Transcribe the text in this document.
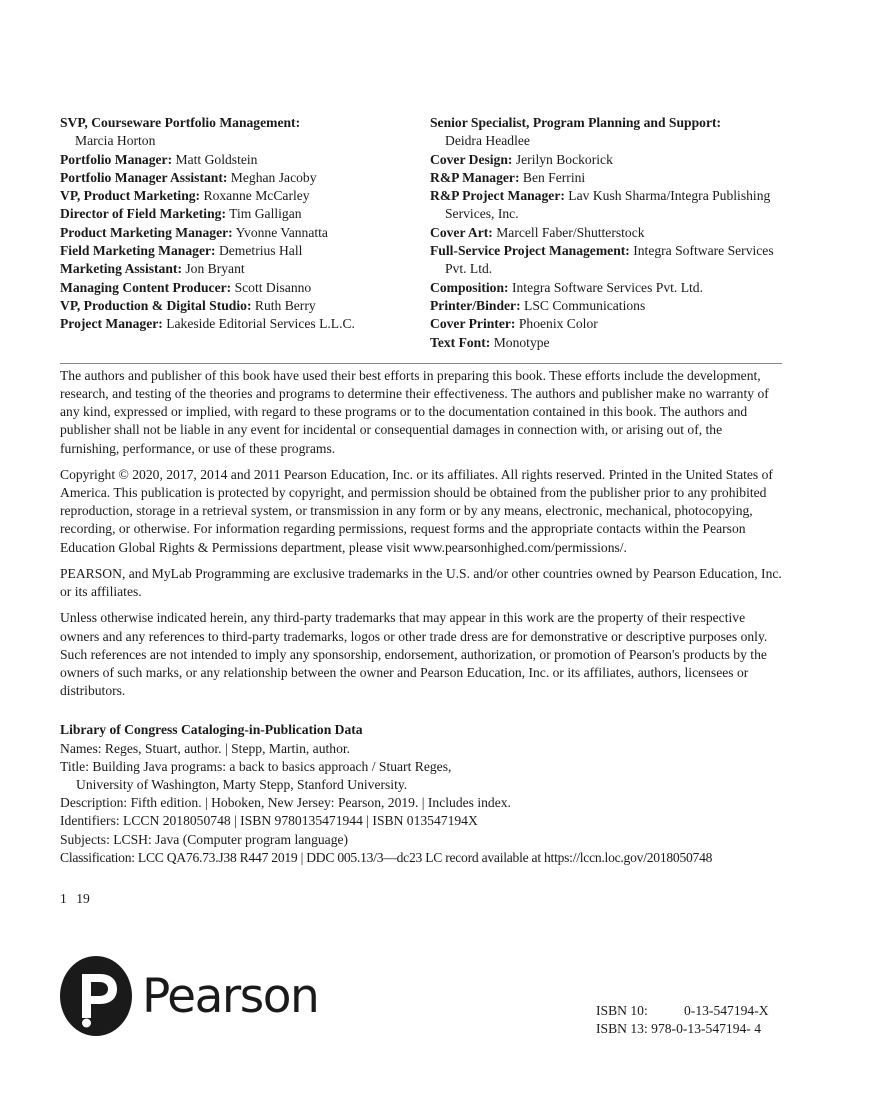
SVP, Courseware Portfolio Management:
Marcia Horton
Portfolio Manager: Matt Goldstein
Portfolio Manager Assistant: Meghan Jacoby
VP, Product Marketing: Roxanne McCarley
Director of Field Marketing: Tim Galligan
Product Marketing Manager: Yvonne Vannatta
Field Marketing Manager: Demetrius Hall
Marketing Assistant: Jon Bryant
Managing Content Producer: Scott Disanno
VP, Production & Digital Studio: Ruth Berry
Project Manager: Lakeside Editorial Services L.L.C.
Senior Specialist, Program Planning and Support:
Deidra Headlee
Cover Design: Jerilyn Bockorick
R&P Manager: Ben Ferrini
R&P Project Manager: Lav Kush Sharma/Integra Publishing Services, Inc.
Cover Art: Marcell Faber/Shutterstock
Full-Service Project Management: Integra Software Services Pvt. Ltd.
Composition: Integra Software Services Pvt. Ltd.
Printer/Binder: LSC Communications
Cover Printer: Phoenix Color
Text Font: Monotype

The authors and publisher of this book have used their best efforts in preparing this book. These efforts include the development, research, and testing of the theories and programs to determine their effectiveness. The authors and publisher make no warranty of any kind, expressed or implied, with regard to these programs or to the documentation contained in this book. The authors and publisher shall not be liable in any event for incidental or consequential damages in connection with, or arising out of, the furnishing, performance, or use of these programs.

Copyright © 2020, 2017, 2014 and 2011 Pearson Education, Inc. or its affiliates. All rights reserved. Printed in the United States of America. This publication is protected by copyright, and permission should be obtained from the publisher prior to any prohibited reproduction, storage in a retrieval system, or transmission in any form or by any means, electronic, mechanical, photocopying, recording, or otherwise. For information regarding permissions, request forms and the appropriate contacts within the Pearson Education Global Rights & Permissions department, please visit www.pearsonhighed.com/permissions/.

PEARSON, and MyLab Programming are exclusive trademarks in the U.S. and/or other countries owned by Pearson Education, Inc. or its affiliates.

Unless otherwise indicated herein, any third-party trademarks that may appear in this work are the property of their respective owners and any references to third-party trademarks, logos or other trade dress are for demonstrative or descriptive purposes only. Such references are not intended to imply any sponsorship, endorsement, authorization, or promotion of Pearson's products by the owners of such marks, or any relationship between the owner and Pearson Education, Inc. or its affiliates, authors, licensees or distributors.

Library of Congress Cataloging-in-Publication Data
Names: Reges, Stuart, author. | Stepp, Martin, author.
Title: Building Java programs: a back to basics approach / Stuart Reges, University of Washington, Marty Stepp, Stanford University.
Description: Fifth edition. | Hoboken, New Jersey: Pearson, 2019. | Includes index.
Identifiers: LCCN 2018050748 | ISBN 9780135471944 | ISBN 013547194X
Subjects: LCSH: Java (Computer program language)
Classification: LCC QA76.73.J38 R447 2019 | DDC 005.13/3—dc23 LC record available at https://lccn.loc.gov/2018050748
1 19
Pearson	ISBN 10:	0-13-547194-X
ISBN 13:
978-0-13-547194- 4
